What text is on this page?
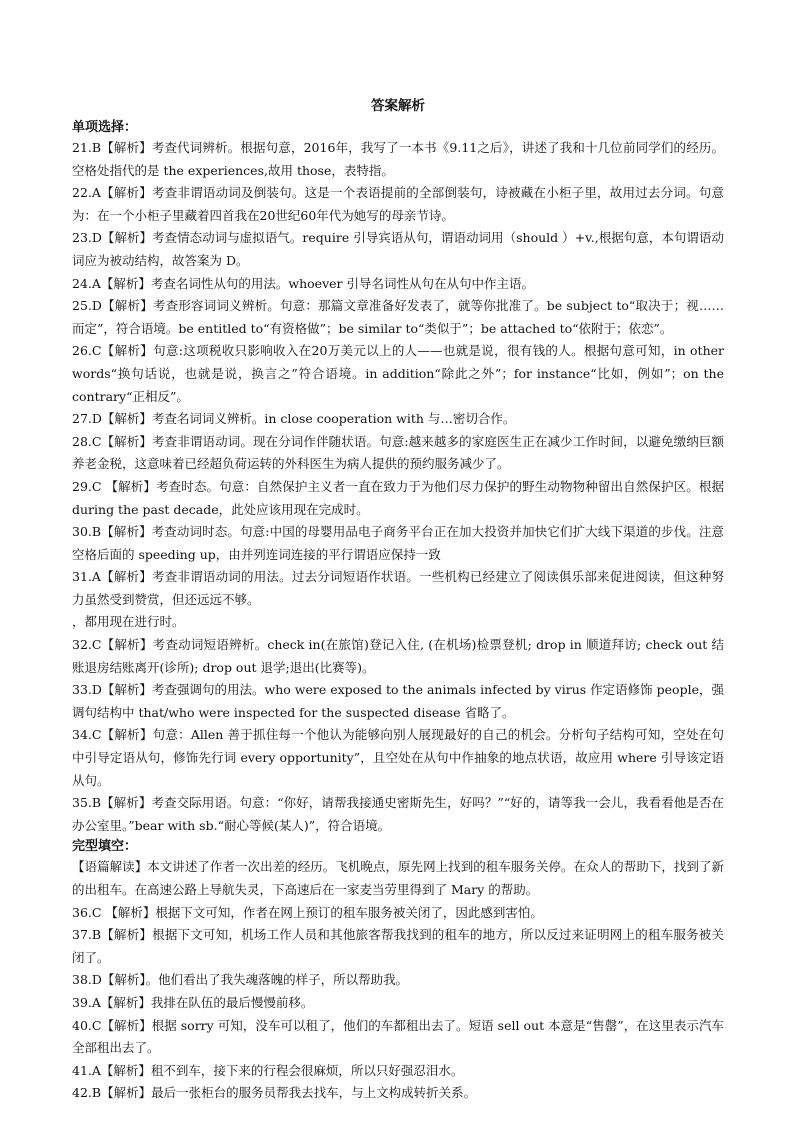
答案解析
单项选择：

21.B【解析】考查代词辨析。根据句意，2016年，我写了一本书《9.11之后》，讲述了我和十几位前同学们的经历。空格处指代的是 the experiences,故用 those，表特指。

22.A【解析】考查非谓语动词及倒装句。这是一个表语提前的全部倒装句，诗被藏在小柜子里，故用过去分词。句意为：在一个小柜子里藏着四首我在20世纪60年代为她写的母亲节诗。

23.D【解析】考查情态动词与虚拟语气。require 引导宾语从句，谓语动词用（should ）+v.,根据句意，本句谓语动词应为被动结构，故答案为 D。

24.A【解析】考查名词性从句的用法。whoever 引导名词性从句在从句中作主语。

25.D【解析】考查形容词词义辨析。句意：那篇文章准备好发表了，就等你批准了。be subject to“取决于；视……而定”，符合语境。be entitled to“有资格做”；be similar to“类似于”；be attached to“依附于；依恋”。

26.C【解析】句意:这项税收只影响收入在20万美元以上的人——也就是说，很有钱的人。根据句意可知，in other words“换句话说，也就是说，换言之”符合语境。in addition“除此之外”；for instance“比如，例如”；on the contrary“正相反”。

27.D【解析】考查名词词义辨析。in close cooperation with 与…密切合作。

28.C【解析】考查非谓语动词。现在分词作伴随状语。句意:越来越多的家庭医生正在减少工作时间，以避免缴纳巨额养老金税，这意味着已经超负荷运转的外科医生为病人提供的预约服务减少了。

29.C 【解析】考查时态。句意：自然保护主义者一直在致力于为他们尽力保护的野生动物物种留出自然保护区。根据 during the past decade，此处应该用现在完成时。

30.B【解析】考查动词时态。句意:中国的母婴用品电子商务平台正在加大投资并加快它们扩大线下渠道的步伐。注意空格后面的 speeding up，由并列连词连接的平行谓语应保持一致

31.A【解析】考查非谓语动词的用法。过去分词短语作状语。一些机构已经建立了阅读俱乐部来促进阅读，但这种努力虽然受到赞赏，但还远远不够。

，都用现在进行时。

32.C【解析】考查动词短语辨析。check in(在旅馆)登记入住, (在机场)检票登机; drop in 顺道拜访; check out 结账退房结账离开(诊所); drop out 退学;退出(比赛等)。

33.D【解析】考查强调句的用法。who were exposed to the animals infected by virus 作定语修饰 people，强调句结构中 that/who were inspected for the suspected disease 省略了。

34.C【解析】句意：Allen 善于抓住每一个他认为能够向别人展现最好的自己的机会。分析句子结构可知，空处在句中引导定语从句，修饰先行词 every opportunity”，且空处在从句中作抽象的地点状语，故应用 where 引导该定语从句。

35.B【解析】考查交际用语。句意：“你好，请帮我接通史密斯先生，好吗？”“好的，请等我一会儿，我看看他是否在办公室里。”bear with sb.“耐心等候(某人)”，符合语境。

完型填空：

【语篇解读】本文讲述了作者一次出差的经历。飞机晚点，原先网上找到的租车服务关停。在众人的帮助下，找到了新的出租车。在高速公路上导航失灵，下高速后在一家麦当劳里得到了 Mary 的帮助。

36.C 【解析】根据下文可知，作者在网上预订的租车服务被关闭了，因此感到害怕。

37.B【解析】根据下文可知，机场工作人员和其他旅客帮我找到的租车的地方，所以反过来证明网上的租车服务被关闭了。

38.D【解析】。他们看出了我失魂落魄的样子，所以帮助我。

39.A【解析】我排在队伍的最后慢慢前移。

40.C【解析】根据 sorry 可知，没车可以租了，他们的车都租出去了。短语 sell out 本意是“售罄”，在这里表示汽车全部租出去了。

41.A【解析】租不到车，接下来的行程会很麻烦，所以只好强忍泪水。

42.B【解析】最后一张柜台的服务员帮我去找车，与上文构成转折关系。
